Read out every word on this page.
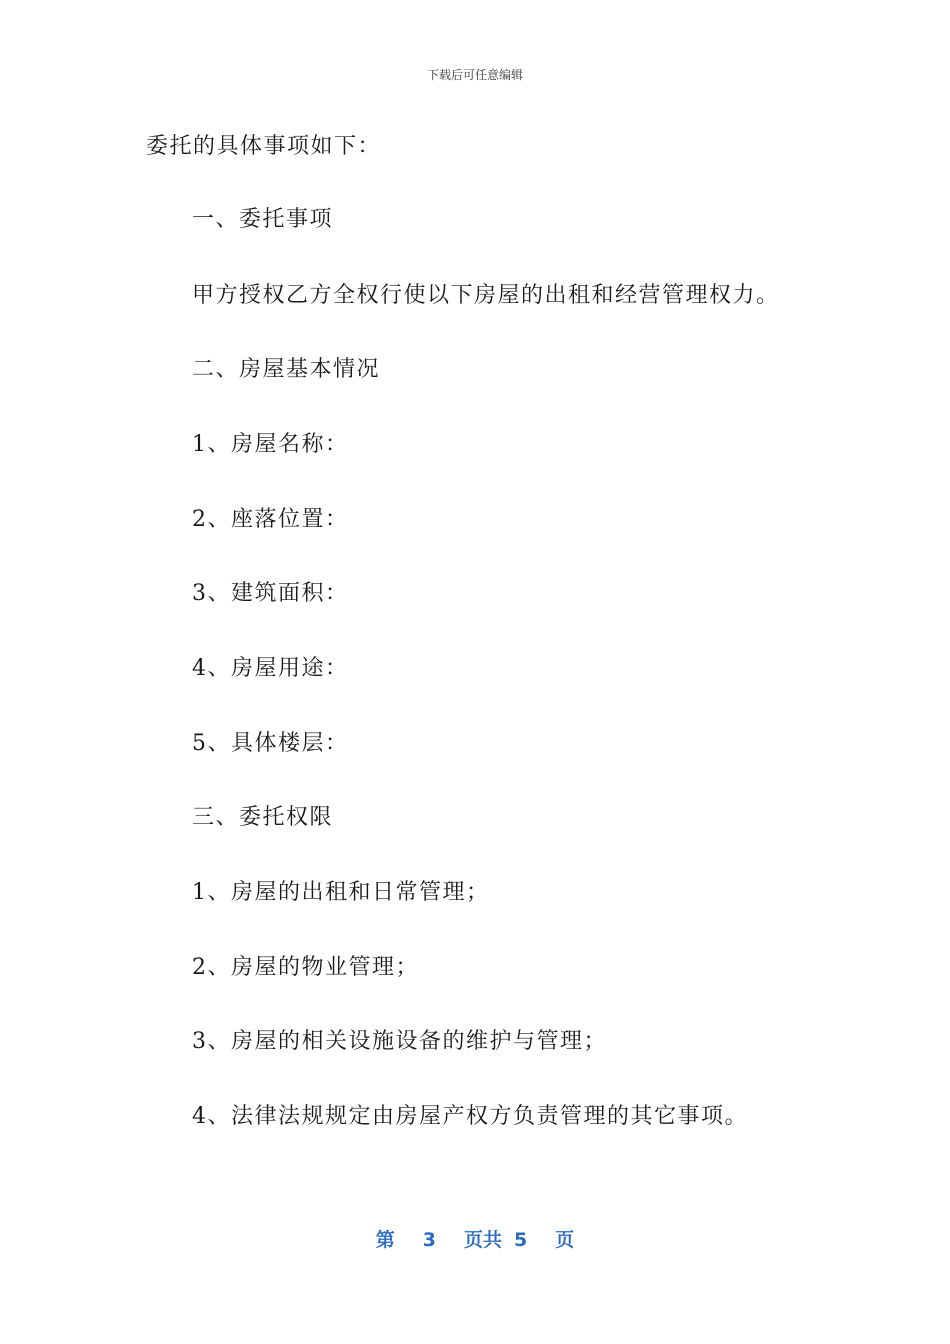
下载后可任意编辑
委托的具体事项如下：
一、委托事项
甲方授权乙方全权行使以下房屋的出租和经营管理权力。
二、房屋基本情况
1、房屋名称：
2、座落位置：
3、建筑面积：
4、房屋用途：
5、具体楼层：
三、委托权限
1、房屋的出租和日常管理；
2、房屋的物业管理；
3、房屋的相关设施设备的维护与管理；
4、法律法规规定由房屋产权方负责管理的其它事项。
第 3 页共 5 页
